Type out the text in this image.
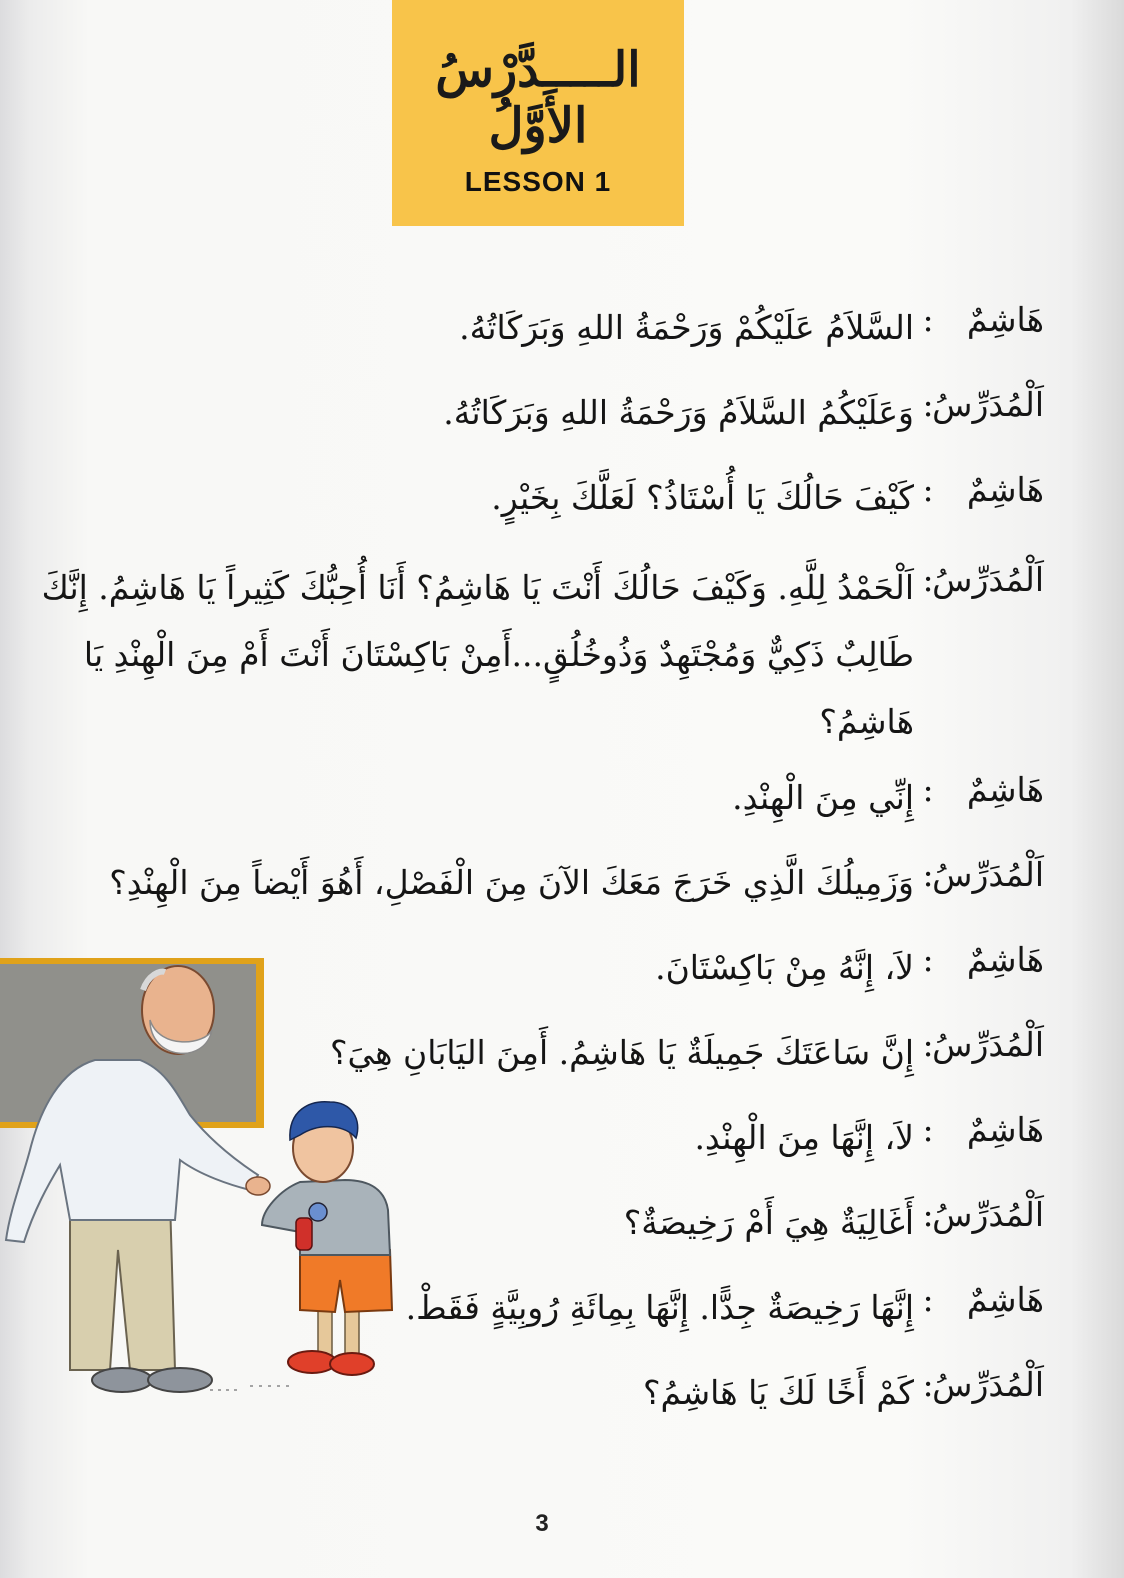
الـــــدَّرْسُ الأَوَّلُ
LESSON 1
هَاشِمٌ
:
السَّلاَمُ عَلَيْكُمْ وَرَحْمَةُ اللهِ وَبَرَكَاتُهُ.
اَلْمُدَرِّسُ
:
وَعَلَيْكُمُ السَّلاَمُ وَرَحْمَةُ اللهِ وَبَرَكَاتُهُ.
هَاشِمٌ
:
كَيْفَ حَالُكَ يَا أُسْتَاذُ؟ لَعَلَّكَ بِخَيْرٍ.
اَلْمُدَرِّسُ
:
اَلْحَمْدُ لِلَّهِ. وَكَيْفَ حَالُكَ أَنْتَ يَا هَاشِمُ؟ أَنَا أُحِبُّكَ كَثِيراً يَا هَاشِمُ. إِنَّكَ طَالِبٌ ذَكِيٌّ وَمُجْتَهِدٌ وَذُوخُلُقٍ...أَمِنْ بَاكِسْتَانَ أَنْتَ أَمْ مِنَ الْهِنْدِ يَا هَاشِمُ؟
هَاشِمٌ
:
إِنِّي مِنَ الْهِنْدِ.
اَلْمُدَرِّسُ
:
وَزَمِيلُكَ الَّذِي خَرَجَ مَعَكَ الآنَ مِنَ الْفَصْلِ، أَهُوَ أَيْضاً مِنَ الْهِنْدِ؟
هَاشِمٌ
:
لاَ، إِنَّهُ مِنْ بَاكِسْتَانَ.
اَلْمُدَرِّسُ
:
إِنَّ سَاعَتَكَ جَمِيلَةٌ يَا هَاشِمُ. أَمِنَ اليَابَانِ هِيَ؟
هَاشِمٌ
:
لاَ، إِنَّهَا مِنَ الْهِنْدِ.
اَلْمُدَرِّسُ
:
أَغَالِيَةٌ هِيَ أَمْ رَخِيصَةٌ؟
هَاشِمٌ
:
إِنَّهَا رَخِيصَةٌ جِدًّا. إِنَّهَا بِمِائَةِ رُوبِيَّةٍ فَقَطْ.
اَلْمُدَرِّسُ
:
كَمْ أَخًا لَكَ يَا هَاشِمُ؟
3
